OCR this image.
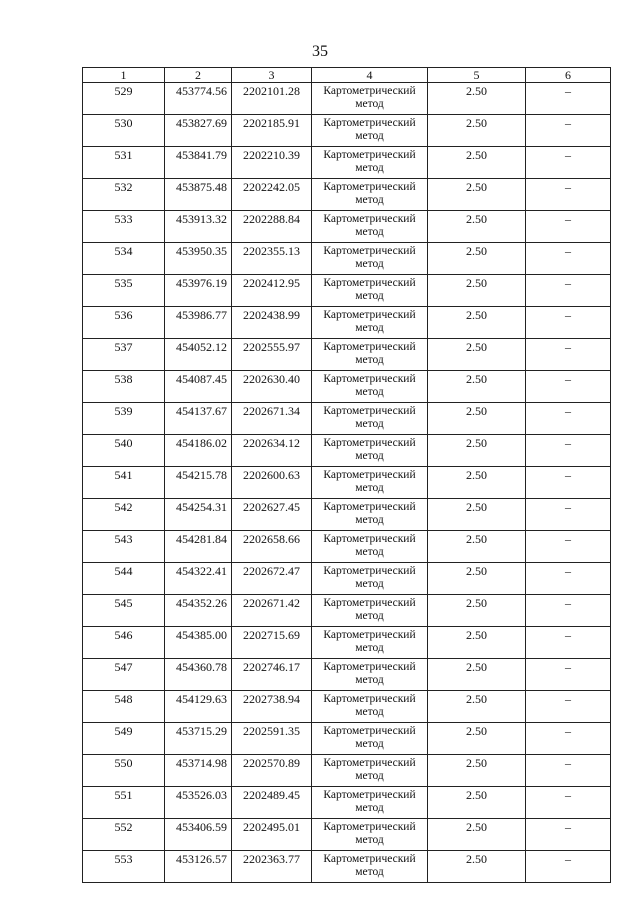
35
1	2	3	4	5	6
529	453774.56	2202101.28	Картометрический метод	2.50	–
530	453827.69	2202185.91	Картометрический метод	2.50	–
531	453841.79	2202210.39	Картометрический метод	2.50	–
532	453875.48	2202242.05	Картометрический метод	2.50	–
533	453913.32	2202288.84	Картометрический метод	2.50	–
534	453950.35	2202355.13	Картометрический метод	2.50	–
535	453976.19	2202412.95	Картометрический метод	2.50	–
536	453986.77	2202438.99	Картометрический метод	2.50	–
537	454052.12	2202555.97	Картометрический метод	2.50	–
538	454087.45	2202630.40	Картометрический метод	2.50	–
539	454137.67	2202671.34	Картометрический метод	2.50	–
540	454186.02	2202634.12	Картометрический метод	2.50	–
541	454215.78	2202600.63	Картометрический метод	2.50	–
542	454254.31	2202627.45	Картометрический метод	2.50	–
543	454281.84	2202658.66	Картометрический метод	2.50	–
544	454322.41	2202672.47	Картометрический метод	2.50	–
545	454352.26	2202671.42	Картометрический метод	2.50	–
546	454385.00	2202715.69	Картометрический метод	2.50	–
547	454360.78	2202746.17	Картометрический метод	2.50	–
548	454129.63	2202738.94	Картометрический метод	2.50	–
549	453715.29	2202591.35	Картометрический метод	2.50	–
550	453714.98	2202570.89	Картометрический метод	2.50	–
551	453526.03	2202489.45	Картометрический метод	2.50	–
552	453406.59	2202495.01	Картометрический метод	2.50	–
553	453126.57	2202363.77	Картометрический метод	2.50	–
